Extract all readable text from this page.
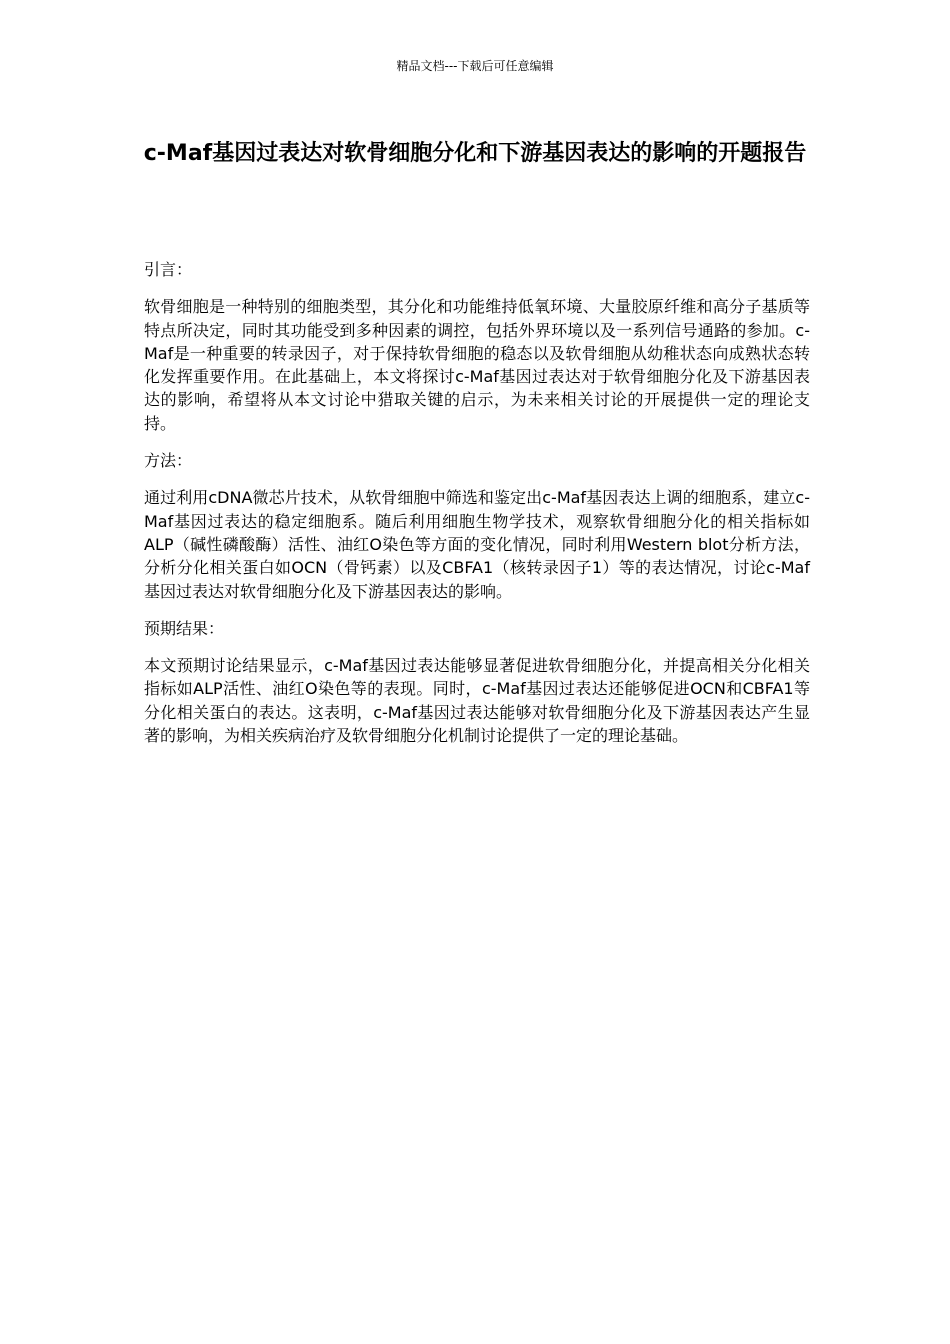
精品文档---下载后可任意编辑
c-Maf基因过表达对软骨细胞分化和下游基因表达的影响的开题报告

引言：

软骨细胞是一种特别的细胞类型，其分化和功能维持低氧环境、大量胶原纤维和高分子基质等特点所决定，同时其功能受到多种因素的调控，包括外界环境以及一系列信号通路的参加。c-Maf是一种重要的转录因子，对于保持软骨细胞的稳态以及软骨细胞从幼稚状态向成熟状态转化发挥重要作用。在此基础上，本文将探讨c-Maf基因过表达对于软骨细胞分化及下游基因表达的影响，希望将从本文讨论中猎取关键的启示，为未来相关讨论的开展提供一定的理论支持。

方法：

通过利用cDNA微芯片技术，从软骨细胞中筛选和鉴定出c-Maf基因表达上调的细胞系，建立c-Maf基因过表达的稳定细胞系。随后利用细胞生物学技术，观察软骨细胞分化的相关指标如ALP（碱性磷酸酶）活性、油红O染色等方面的变化情况，同时利用Western blot分析方法，分析分化相关蛋白如OCN（骨钙素）以及CBFA1（核转录因子1）等的表达情况，讨论c-Maf基因过表达对软骨细胞分化及下游基因表达的影响。

预期结果：

本文预期讨论结果显示，c-Maf基因过表达能够显著促进软骨细胞分化，并提高相关分化相关指标如ALP活性、油红O染色等的表现。同时，c-Maf基因过表达还能够促进OCN和CBFA1等分化相关蛋白的表达。这表明，c-Maf基因过表达能够对软骨细胞分化及下游基因表达产生显著的影响，为相关疾病治疗及软骨细胞分化机制讨论提供了一定的理论基础。
